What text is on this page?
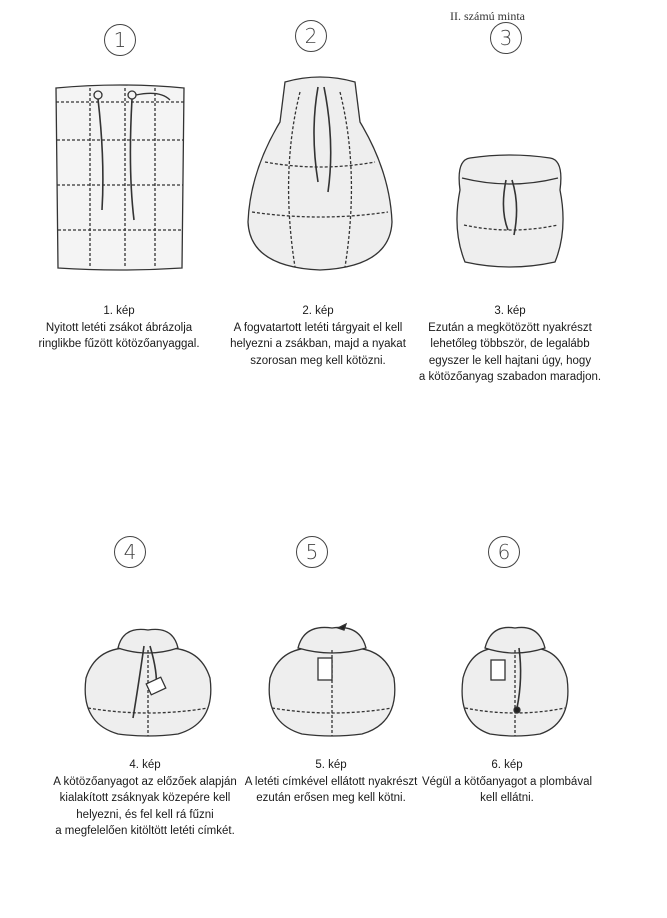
II. számú minta
1	2	3
4	5	6
1. kép
Nyitott letéti zsákot ábrázolja
ringlikbe fűzött kötözőanyaggal.
2. kép
A fogvatartott letéti tárgyait el kell
helyezni a zsákban, majd a nyakat
szorosan meg kell kötözni.
3. kép
Ezután a megkötözött nyakrészt
lehetőleg többször, de legalább
egyszer le kell hajtani úgy, hogy
a kötözőanyag szabadon maradjon.
4. kép
A kötözőanyagot az előzőek alapján
kialakított zsáknyak közepére kell
helyezni, és fel kell rá fűzni
a megfelelően kitöltött letéti címkét.
5. kép
A letéti címkével ellátott nyakrészt
ezután erősen meg kell kötni.
6. kép
Végül a kötőanyagot a plombával
kell ellátni.
